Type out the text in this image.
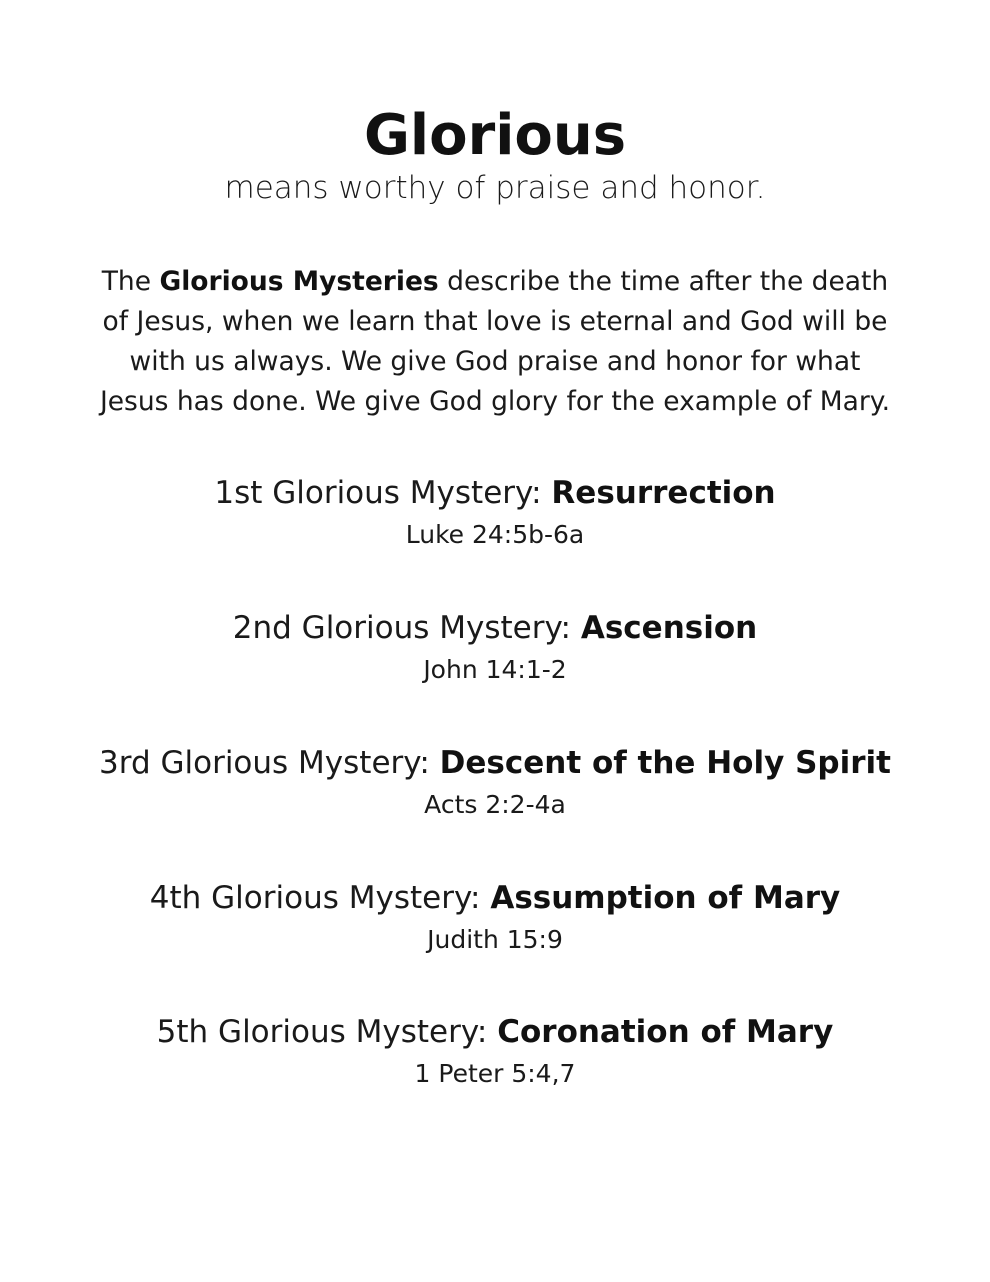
Glorious

means worthy of praise and honor.

The Glorious Mysteries describe the time after the death of Jesus, when we learn that love is eternal and God will be with us always. We give God praise and honor for what Jesus has done. We give God glory for the example of Mary.

1st Glorious Mystery: Resurrection
Luke 24:5b-6a
2nd Glorious Mystery: Ascension
John 14:1-2
3rd Glorious Mystery: Descent of the Holy Spirit
Acts 2:2-4a
4th Glorious Mystery: Assumption of Mary
Judith 15:9
5th Glorious Mystery: Coronation of Mary
1 Peter 5:4,7
